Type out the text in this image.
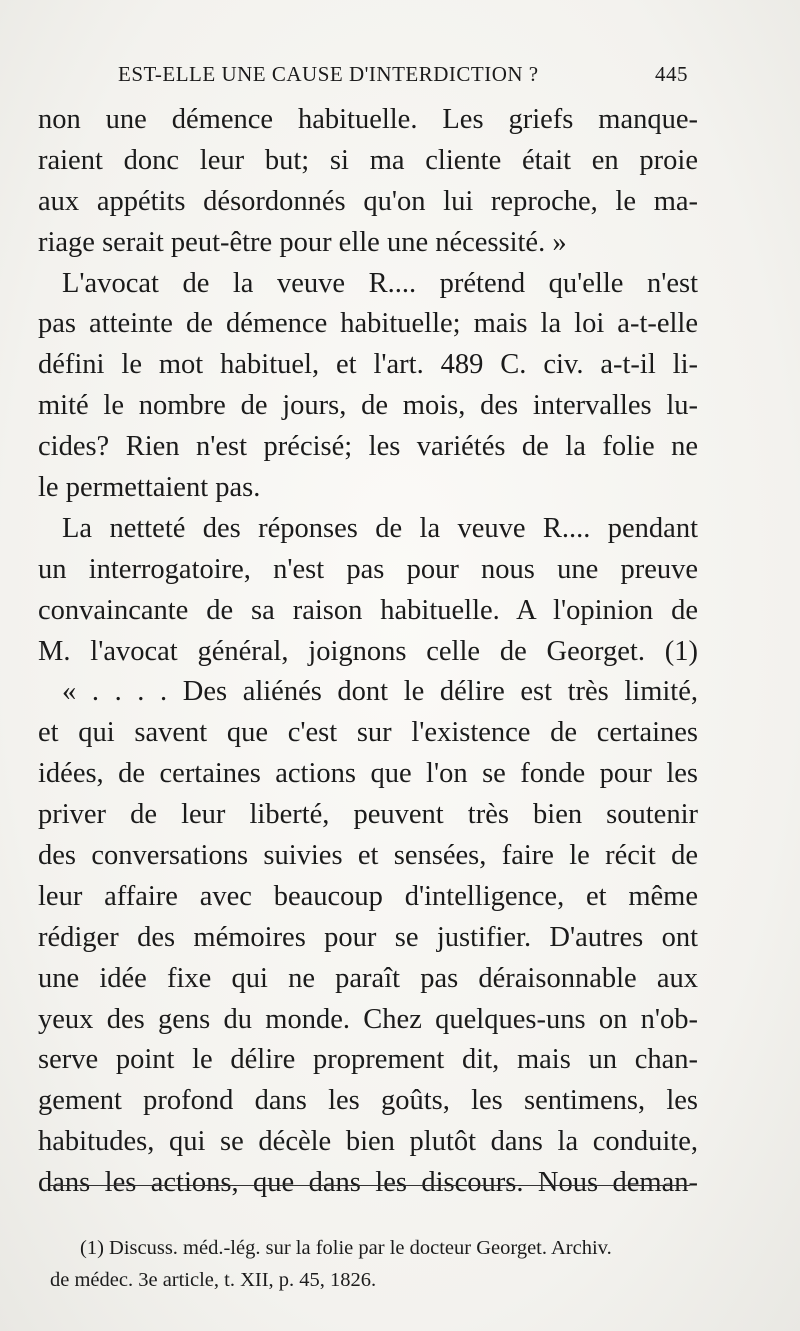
EST-ELLE UNE CAUSE D'INTERDICTION ?	445
non une démence habituelle. Les griefs manque-
raient donc leur but; si ma cliente était en proie
aux appétits désordonnés qu'on lui reproche, le ma-
riage serait peut-être pour elle une nécessité. »
L'avocat de la veuve R.... prétend qu'elle n'est
pas atteinte de démence habituelle; mais la loi a-t-elle
défini le mot habituel, et l'art. 489 C. civ. a-t-il li-
mité le nombre de jours, de mois, des intervalles lu-
cides? Rien n'est précisé; les variétés de la folie ne
le permettaient pas.
La netteté des réponses de la veuve R.... pendant
un interrogatoire, n'est pas pour nous une preuve
convaincante de sa raison habituelle. A l'opinion de
M. l'avocat général, joignons celle de Georget. (1)
« . . . . Des aliénés dont le délire est très limité,
et qui savent que c'est sur l'existence de certaines
idées, de certaines actions que l'on se fonde pour les
priver de leur liberté, peuvent très bien soutenir
des conversations suivies et sensées, faire le récit de
leur affaire avec beaucoup d'intelligence, et même
rédiger des mémoires pour se justifier. D'autres ont
une idée fixe qui ne paraît pas déraisonnable aux
yeux des gens du monde. Chez quelques-uns on n'ob-
serve point le délire proprement dit, mais un chan-
gement profond dans les goûts, les sentimens, les
habitudes, qui se décèle bien plutôt dans la conduite,
dans les actions, que dans les discours. Nous deman-
(1) Discuss. méd.-lég. sur la folie par le docteur Georget. Archiv.
de médec. 3e article, t. XII, p. 45, 1826.
